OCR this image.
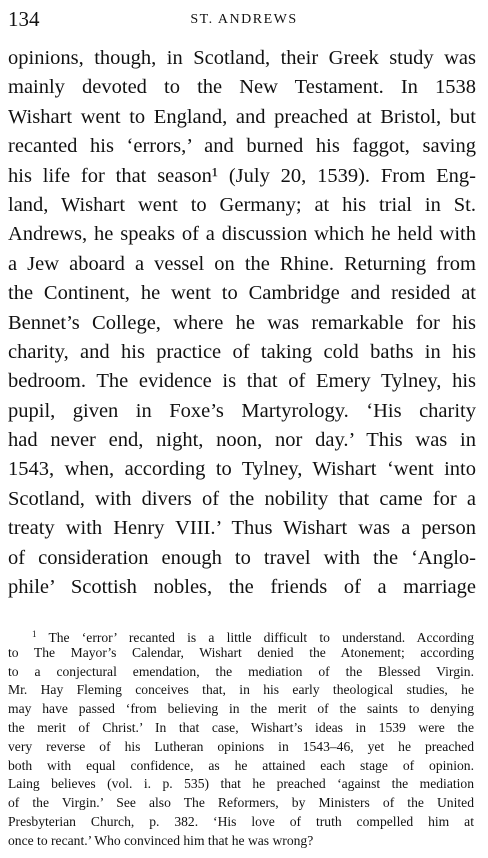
134	ST. ANDREWS
opinions, though, in Scotland, their Greek study was
mainly devoted to the New Testament. In 1538
Wishart went to England, and preached at Bristol, but
recanted his ‘errors,’ and burned his faggot, saving
his life for that season¹ (July 20, 1539). From Eng-
land, Wishart went to Germany; at his trial in St.
Andrews, he speaks of a discussion which he held with
a Jew aboard a vessel on the Rhine. Returning from
the Continent, he went to Cambridge and resided at
Bennet’s College, where he was remarkable for his
charity, and his practice of taking cold baths in his
bedroom. The evidence is that of Emery Tylney, his
pupil, given in Foxe’s Martyrology. ‘His charity
had never end, night, noon, nor day.’ This was in
1543, when, according to Tylney, Wishart ‘went into
Scotland, with divers of the nobility that came for a
treaty with Henry VIII.’ Thus Wishart was a person
of consideration enough to travel with the ‘Anglo-
phile’ Scottish nobles, the friends of a marriage
$^1$ The ‘error’ recanted is a little difficult to understand. According
to The Mayor’s Calendar, Wishart denied the Atonement; according
to a conjectural emendation, the mediation of the Blessed Virgin.
Mr. Hay Fleming conceives that, in his early theological studies, he
may have passed ‘from believing in the merit of the saints to denying
the merit of Christ.’ In that case, Wishart’s ideas in 1539 were the
very reverse of his Lutheran opinions in 1543–46, yet he preached
both with equal confidence, as he attained each stage of opinion.
Laing believes (vol. i. p. 535) that he preached ‘against the mediation
of the Virgin.’ See also The Reformers, by Ministers of the United
Presbyterian Church, p. 382. ‘His love of truth compelled him at
once to recant.’ Who convinced him that he was wrong?
